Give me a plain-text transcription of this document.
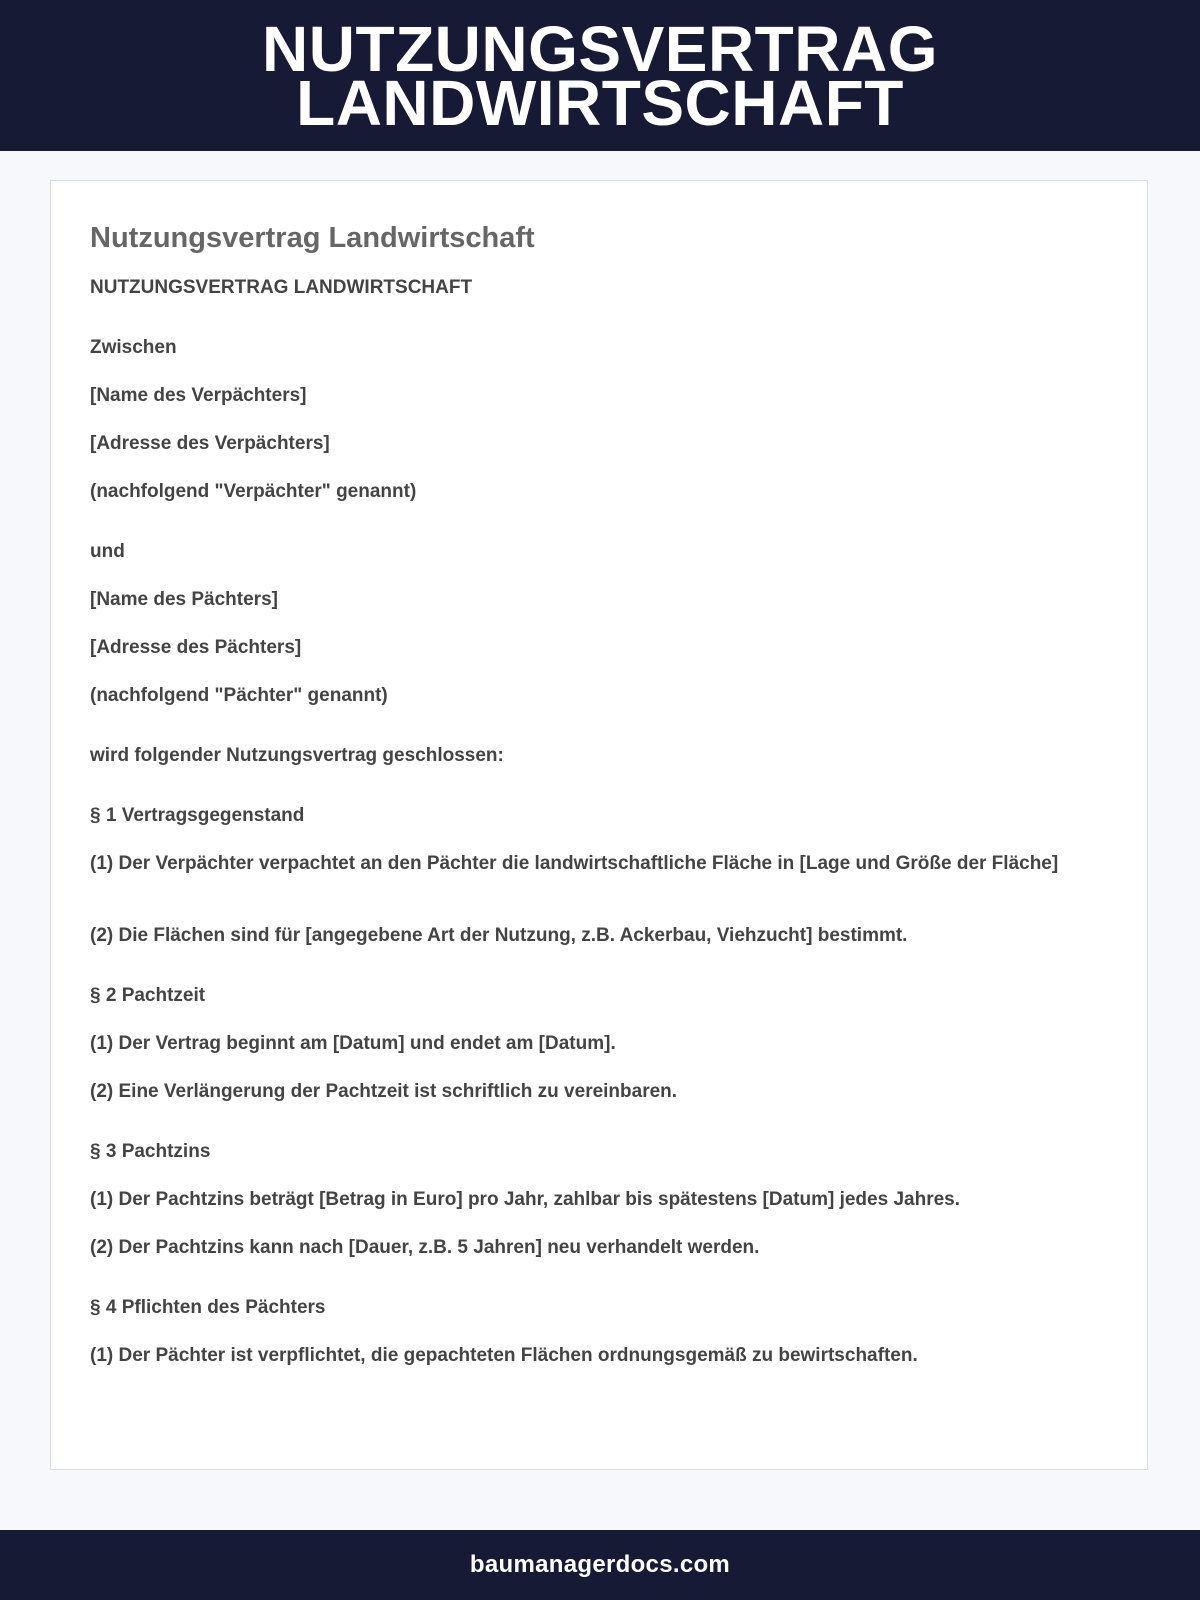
NUTZUNGSVERTRAG
LANDWIRTSCHAFT
Nutzungsvertrag Landwirtschaft

NUTZUNGSVERTRAG LANDWIRTSCHAFT

Zwischen

[Name des Verpächters]

[Adresse des Verpächters]

(nachfolgend "Verpächter" genannt)

und

[Name des Pächters]

[Adresse des Pächters]

(nachfolgend "Pächter" genannt)

wird folgender Nutzungsvertrag geschlossen:

§ 1 Vertragsgegenstand

(1) Der Verpächter verpachtet an den Pächter die landwirtschaftliche Fläche in [Lage und Größe der Fläche]

(2) Die Flächen sind für [angegebene Art der Nutzung, z.B. Ackerbau, Viehzucht] bestimmt.

§ 2 Pachtzeit

(1) Der Vertrag beginnt am [Datum] und endet am [Datum].

(2) Eine Verlängerung der Pachtzeit ist schriftlich zu vereinbaren.

§ 3 Pachtzins

(1) Der Pachtzins beträgt [Betrag in Euro] pro Jahr, zahlbar bis spätestens [Datum] jedes Jahres.

(2) Der Pachtzins kann nach [Dauer, z.B. 5 Jahren] neu verhandelt werden.

§ 4 Pflichten des Pächters

(1) Der Pächter ist verpflichtet, die gepachteten Flächen ordnungsgemäß zu bewirtschaften.

baumanagerdocs.com
